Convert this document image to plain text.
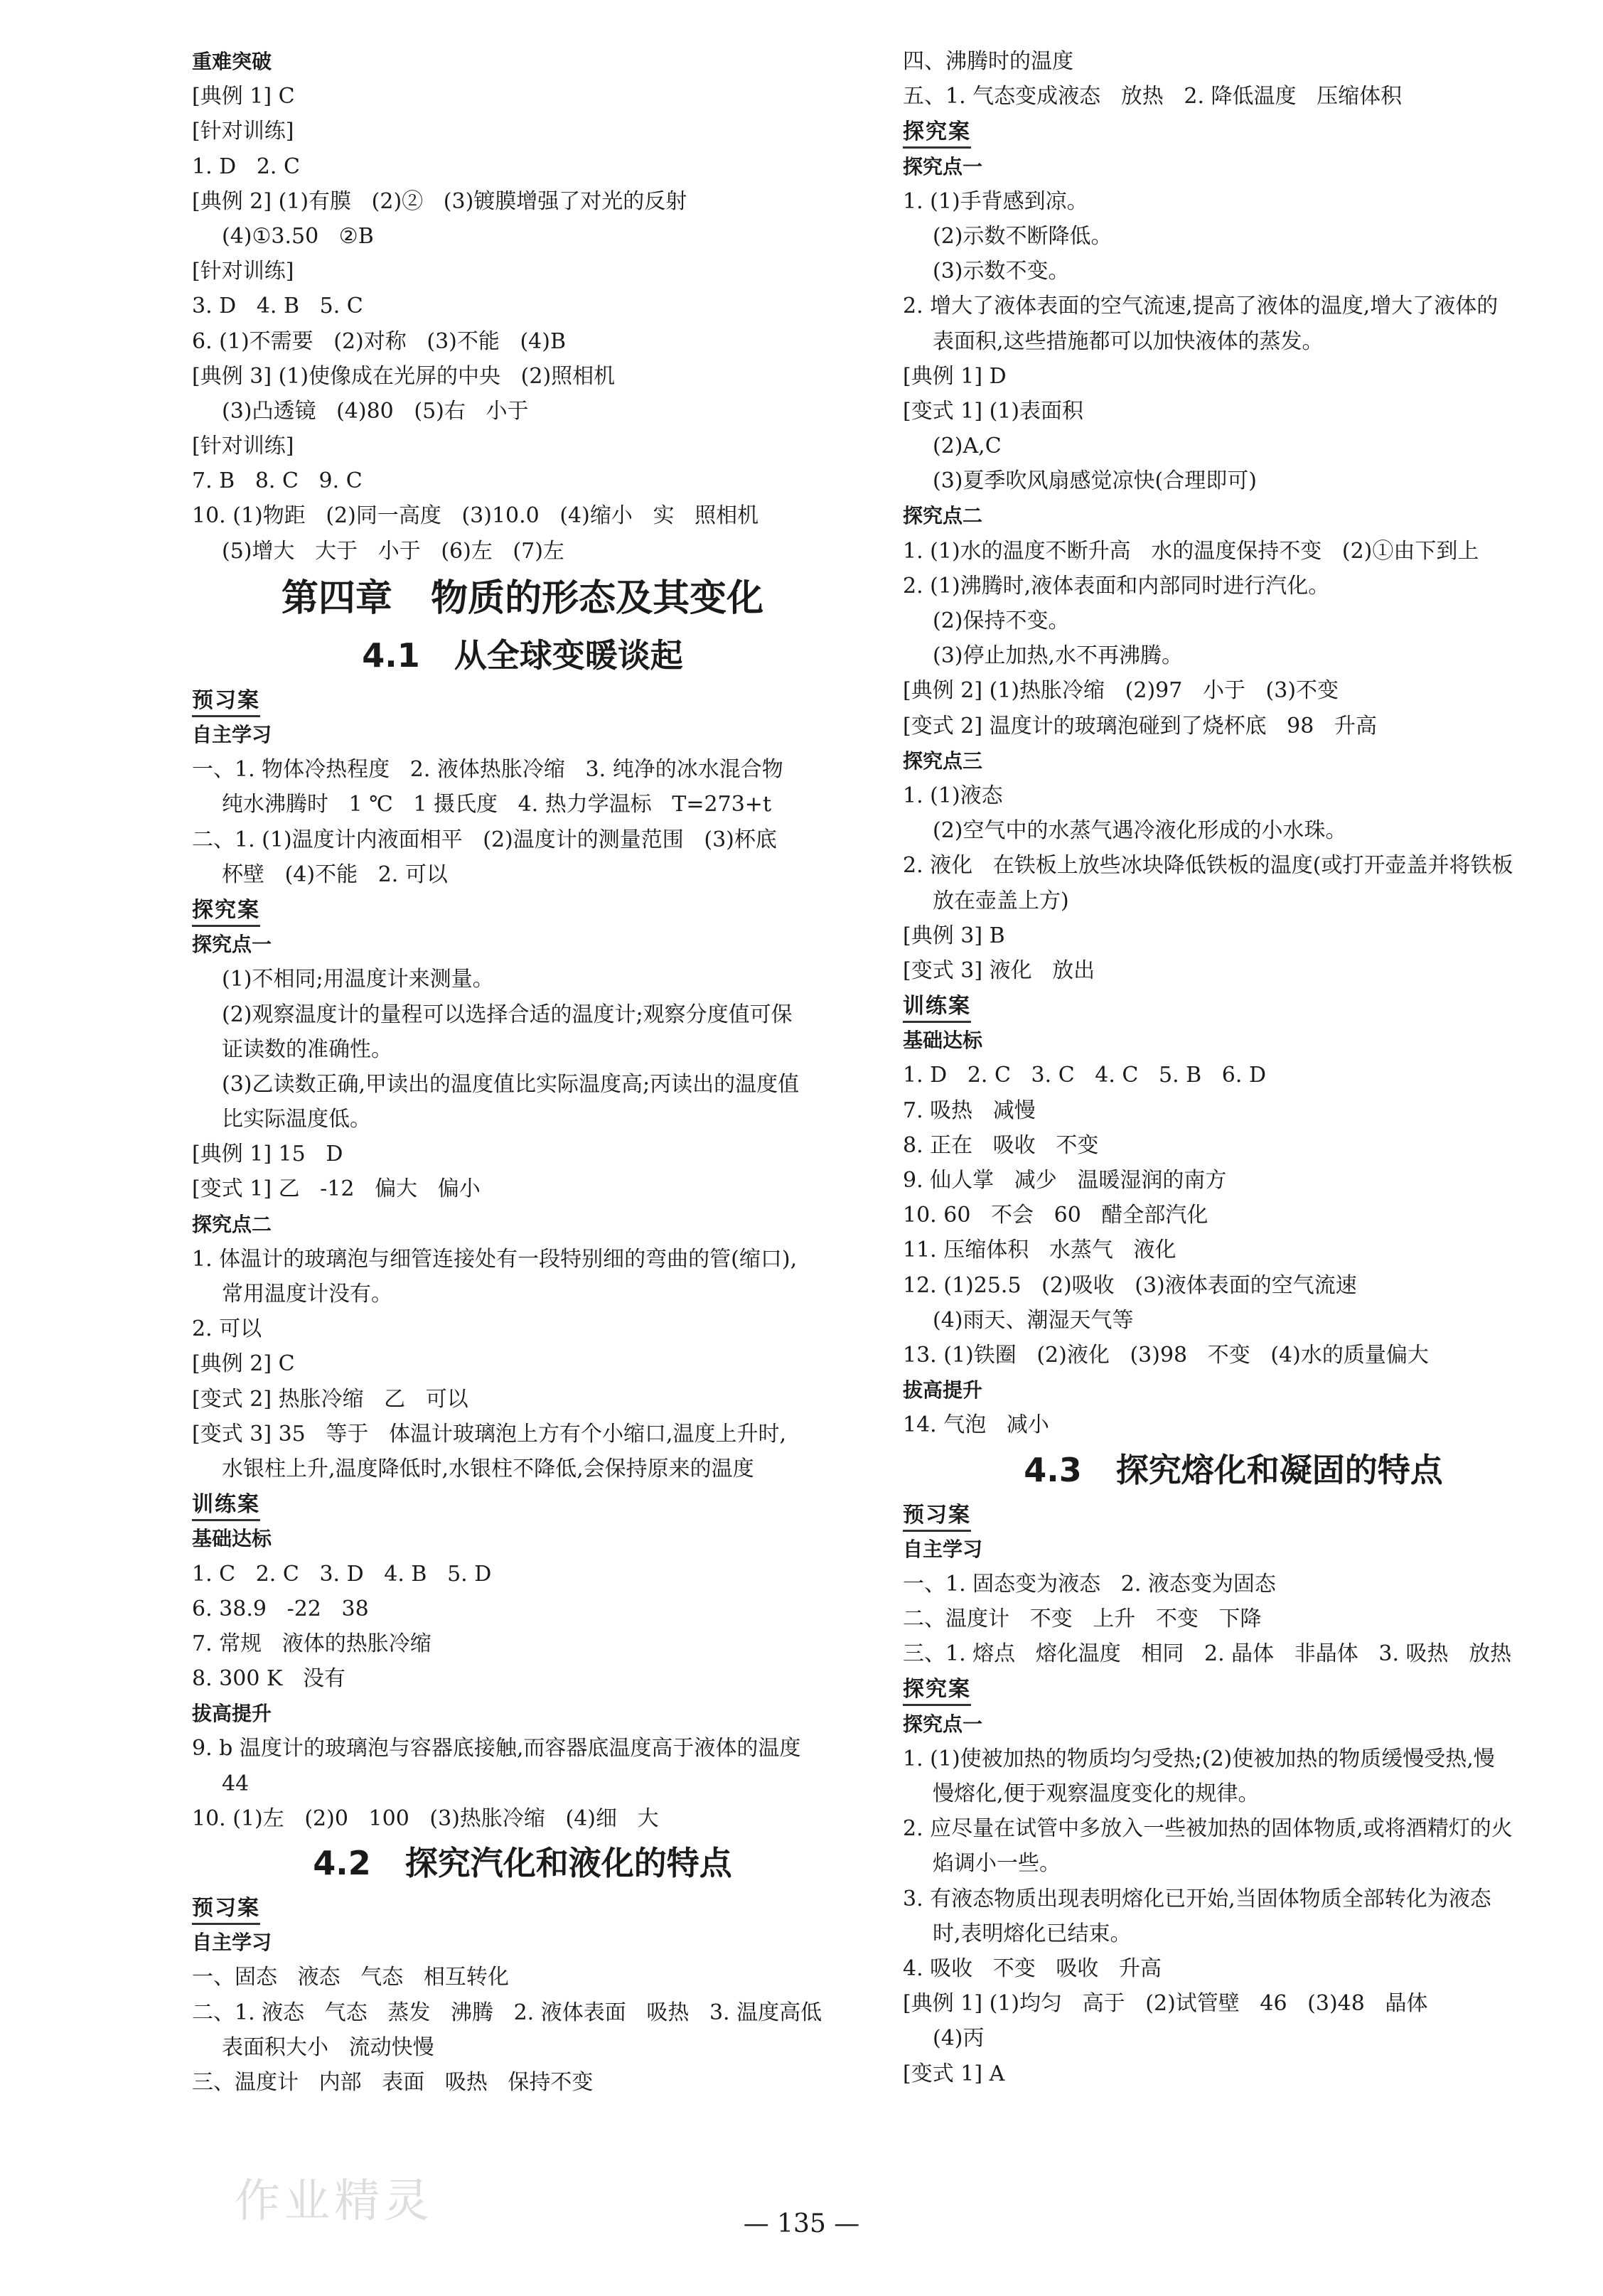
重难突破
[典例 1] C
[针对训练]
1. D   2. C
[典例 2] (1)有膜   (2)②   (3)镀膜增强了对光的反射
(4)①3.50   ②B
[针对训练]
3. D   4. B   5. C
6. (1)不需要   (2)对称   (3)不能   (4)B
[典例 3] (1)使像成在光屏的中央   (2)照相机
(3)凸透镜   (4)80   (5)右   小于
[针对训练]
7. B   8. C   9. C
10. (1)物距   (2)同一高度   (3)10.0   (4)缩小   实   照相机
(5)增大   大于   小于   (6)左   (7)左
第四章   物质的形态及其变化
4.1   从全球变暖谈起
预习案
自主学习
一、1. 物体冷热程度   2. 液体热胀冷缩   3. 纯净的冰水混合物
纯水沸腾时   1 ℃   1 摄氏度   4. 热力学温标   T=273+t
二、1. (1)温度计内液面相平   (2)温度计的测量范围   (3)杯底
杯壁   (4)不能   2. 可以
探究案
探究点一
(1)不相同;用温度计来测量。
(2)观察温度计的量程可以选择合适的温度计;观察分度值可保
证读数的准确性。
(3)乙读数正确,甲读出的温度值比实际温度高;丙读出的温度值
比实际温度低。
[典例 1] 15   D
[变式 1] 乙   -12   偏大   偏小
探究点二
1. 体温计的玻璃泡与细管连接处有一段特别细的弯曲的管(缩口),
常用温度计没有。
2. 可以
[典例 2] C
[变式 2] 热胀冷缩   乙   可以
[变式 3] 35   等于   体温计玻璃泡上方有个小缩口,温度上升时,
水银柱上升,温度降低时,水银柱不降低,会保持原来的温度
训练案
基础达标
1. C   2. C   3. D   4. B   5. D
6. 38.9   -22   38
7. 常规   液体的热胀冷缩
8. 300 K   没有
拔高提升
9. b 温度计的玻璃泡与容器底接触,而容器底温度高于液体的温度
44
10. (1)左   (2)0   100   (3)热胀冷缩   (4)细   大
4.2   探究汽化和液化的特点
预习案
自主学习
一、固态   液态   气态   相互转化
二、1. 液态   气态   蒸发   沸腾   2. 液体表面   吸热   3. 温度高低
表面积大小   流动快慢
三、温度计   内部   表面   吸热   保持不变
四、沸腾时的温度
五、1. 气态变成液态   放热   2. 降低温度   压缩体积
探究案
探究点一
1. (1)手背感到凉。
(2)示数不断降低。
(3)示数不变。
2. 增大了液体表面的空气流速,提高了液体的温度,增大了液体的
表面积,这些措施都可以加快液体的蒸发。
[典例 1] D
[变式 1] (1)表面积
(2)A,C
(3)夏季吹风扇感觉凉快(合理即可)
探究点二
1. (1)水的温度不断升高   水的温度保持不变   (2)①由下到上
2. (1)沸腾时,液体表面和内部同时进行汽化。
(2)保持不变。
(3)停止加热,水不再沸腾。
[典例 2] (1)热胀冷缩   (2)97   小于   (3)不变
[变式 2] 温度计的玻璃泡碰到了烧杯底   98   升高
探究点三
1. (1)液态
(2)空气中的水蒸气遇冷液化形成的小水珠。
2. 液化   在铁板上放些冰块降低铁板的温度(或打开壶盖并将铁板
放在壶盖上方)
[典例 3] B
[变式 3] 液化   放出
训练案
基础达标
1. D   2. C   3. C   4. C   5. B   6. D
7. 吸热   减慢
8. 正在   吸收   不变
9. 仙人掌   减少   温暖湿润的南方
10. 60   不会   60   醋全部汽化
11. 压缩体积   水蒸气   液化
12. (1)25.5   (2)吸收   (3)液体表面的空气流速
(4)雨天、潮湿天气等
13. (1)铁圈   (2)液化   (3)98   不变   (4)水的质量偏大
拔高提升
14. 气泡   减小
4.3   探究熔化和凝固的特点
预习案
自主学习
一、1. 固态变为液态   2. 液态变为固态
二、温度计   不变   上升   不变   下降
三、1. 熔点   熔化温度   相同   2. 晶体   非晶体   3. 吸热   放热
探究案
探究点一
1. (1)使被加热的物质均匀受热;(2)使被加热的物质缓慢受热,慢
慢熔化,便于观察温度变化的规律。
2. 应尽量在试管中多放入一些被加热的固体物质,或将酒精灯的火
焰调小一些。
3. 有液态物质出现表明熔化已开始,当固体物质全部转化为液态
时,表明熔化已结束。
4. 吸收   不变   吸收   升高
[典例 1] (1)均匀   高于   (2)试管壁   46   (3)48   晶体
(4)丙
[变式 1] A
作业精灵	— 135 —
